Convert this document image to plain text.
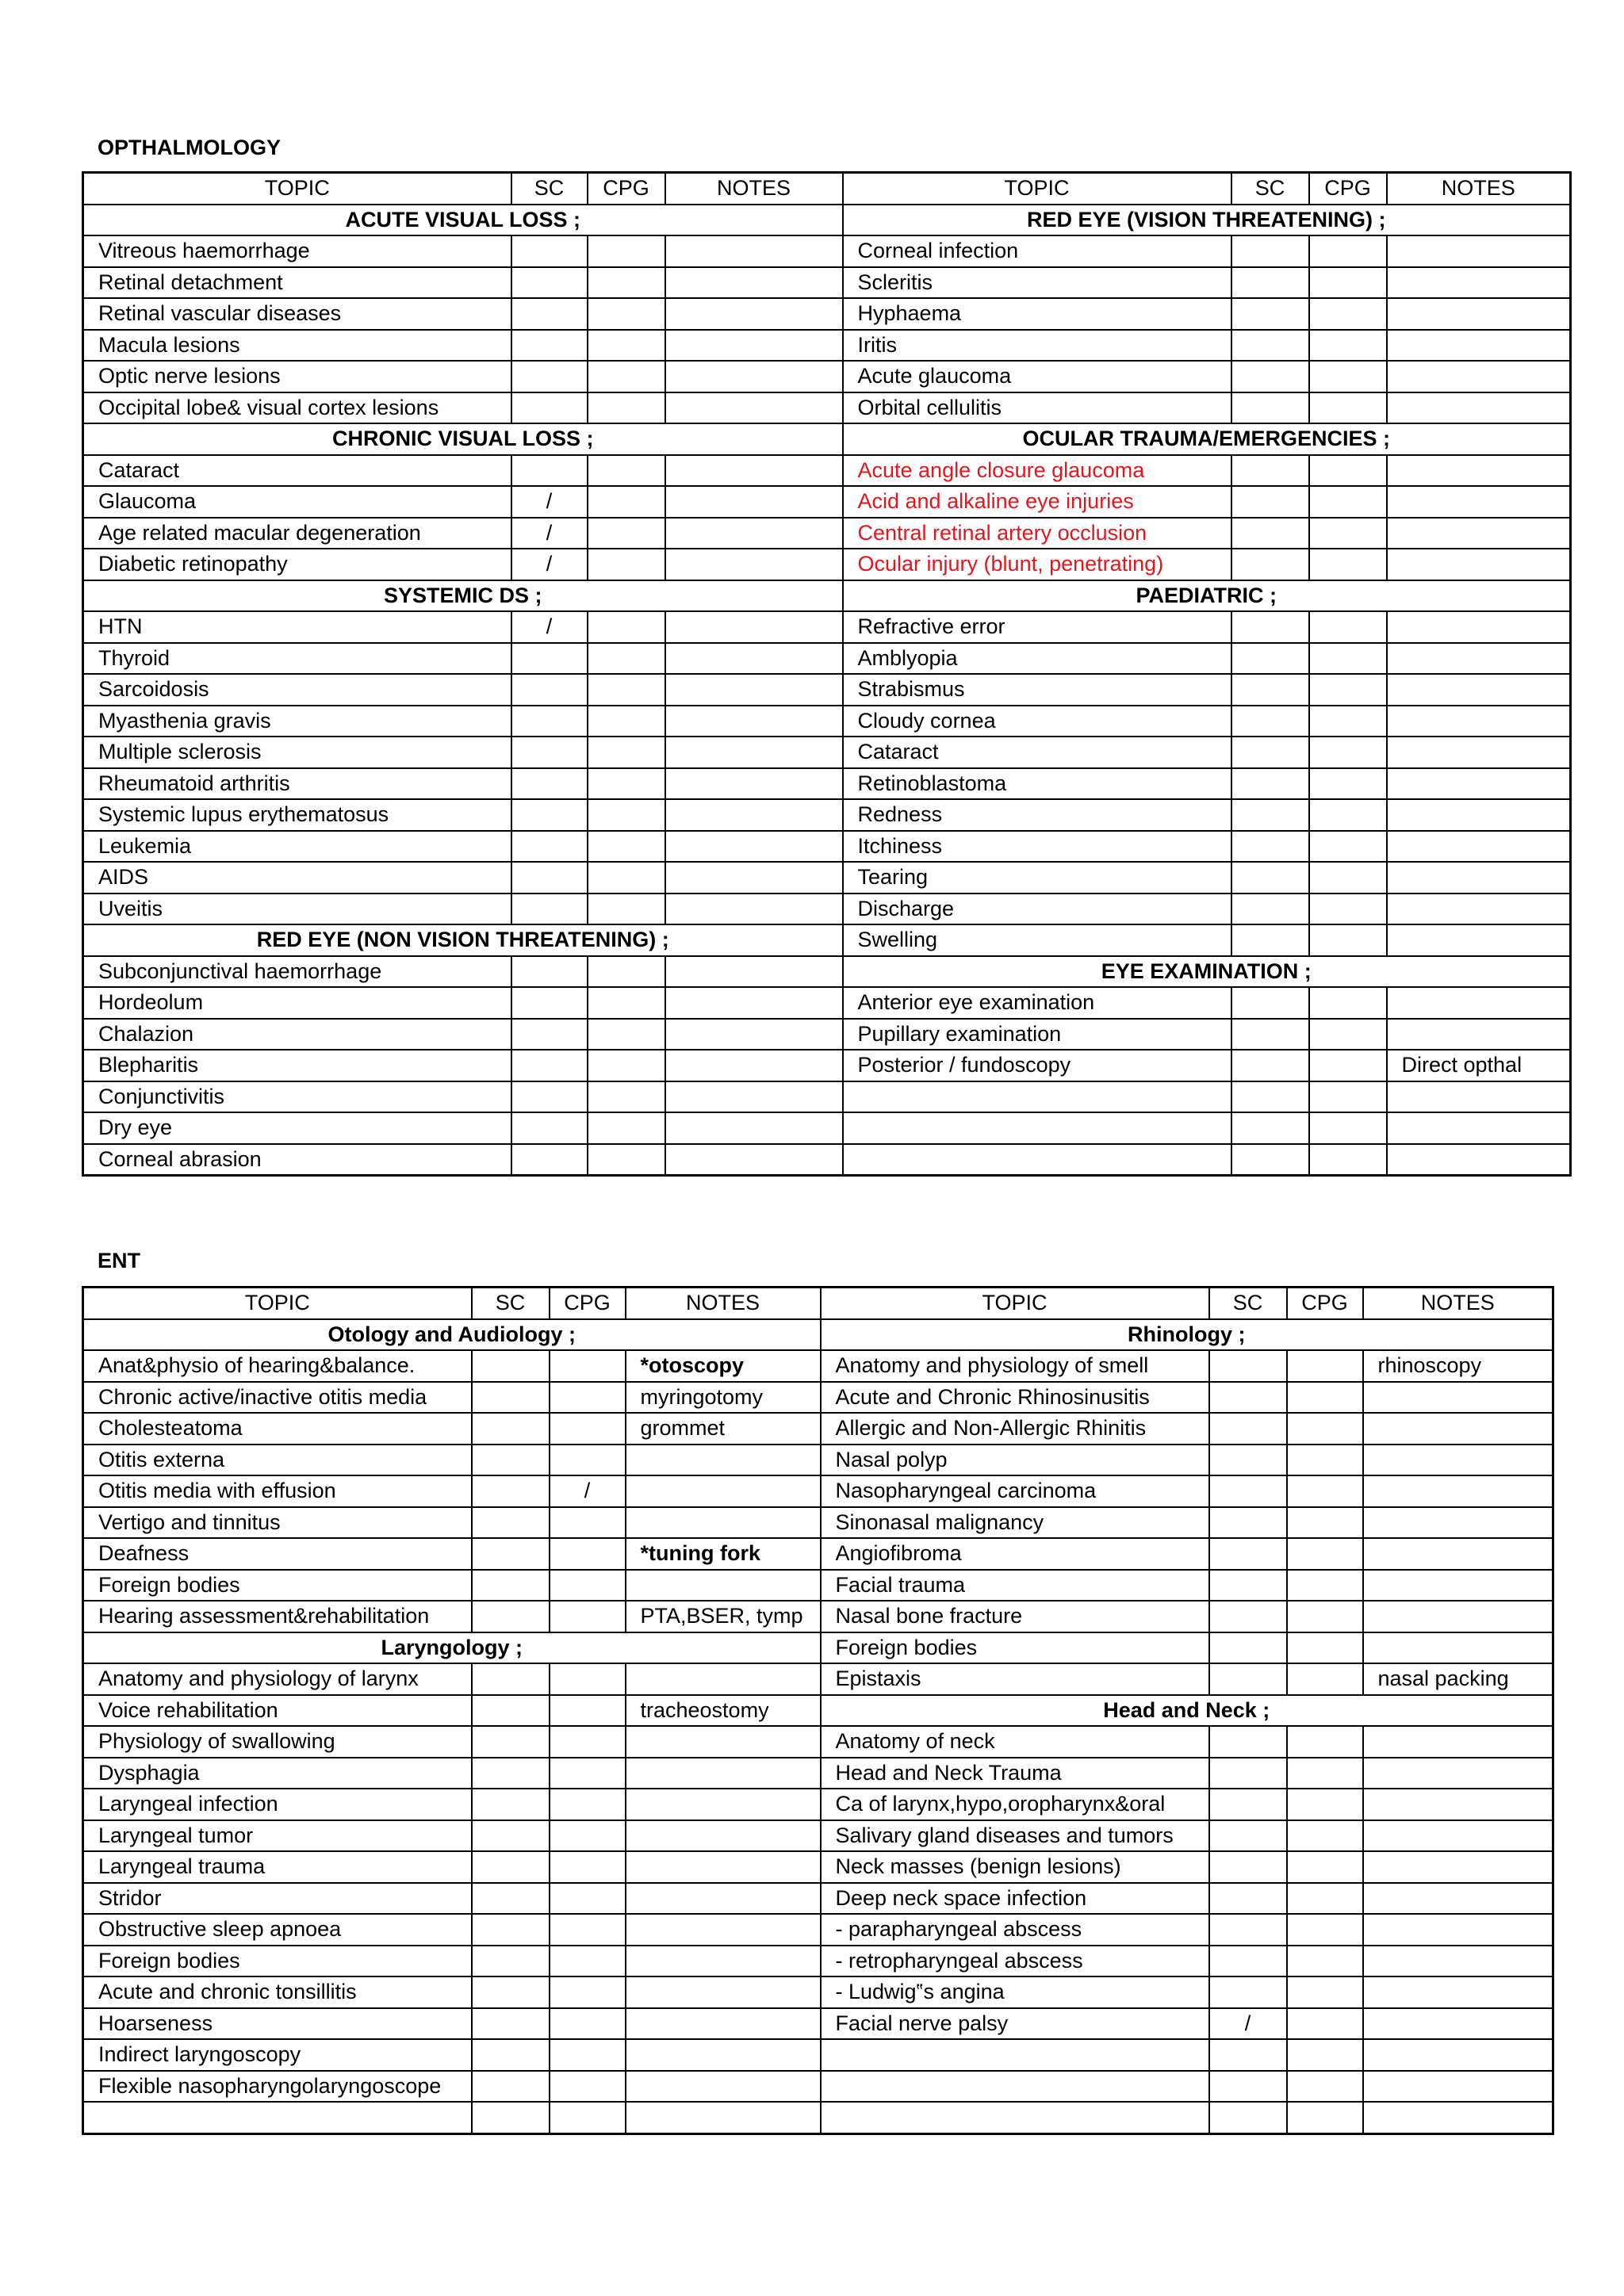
OPTHALMOLOGY
TOPIC	SC	CPG	NOTES	TOPIC	SC	CPG	NOTES
ACUTE VISUAL LOSS ;				RED EYE (VISION THREATENING) ;			
Vitreous haemorrhage				Corneal infection			
Retinal detachment				Scleritis			
Retinal vascular diseases				Hyphaema			
Macula lesions				Iritis			
Optic nerve lesions				Acute glaucoma			
Occipital lobe& visual cortex lesions				Orbital cellulitis			
CHRONIC VISUAL LOSS ;				OCULAR TRAUMA/EMERGENCIES ;			
Cataract				Acute angle closure glaucoma			
Glaucoma	/			Acid and alkaline eye injuries			
Age related macular degeneration	/			Central retinal artery occlusion			
Diabetic retinopathy	/			Ocular injury (blunt, penetrating)			
SYSTEMIC DS ;				PAEDIATRIC ;			
HTN	/			Refractive error			
Thyroid				Amblyopia			
Sarcoidosis				Strabismus			
Myasthenia gravis				Cloudy cornea			
Multiple sclerosis				Cataract			
Rheumatoid arthritis				Retinoblastoma			
Systemic lupus erythematosus				Redness			
Leukemia				Itchiness			
AIDS				Tearing			
Uveitis				Discharge			
RED EYE (NON VISION THREATENING) ;				Swelling			
Subconjunctival haemorrhage				EYE EXAMINATION ;			
Hordeolum				Anterior eye examination			
Chalazion				Pupillary examination			
Blepharitis				Posterior / fundoscopy			Direct opthal
Conjunctivitis							
Dry eye							
Corneal abrasion							
ENT
TOPIC	SC	CPG	NOTES	TOPIC	SC	CPG	NOTES
Otology and Audiology ;				Rhinology ;			
Anat&physio of hearing&balance.			*otoscopy	Anatomy and physiology of smell			rhinoscopy
Chronic active/inactive otitis media			myringotomy	Acute and Chronic Rhinosinusitis			
Cholesteatoma			grommet	Allergic and Non-Allergic Rhinitis			
Otitis externa				Nasal polyp			
Otitis media with effusion		/		Nasopharyngeal carcinoma			
Vertigo and tinnitus				Sinonasal malignancy			
Deafness			*tuning fork	Angiofibroma			
Foreign bodies				Facial trauma			
Hearing assessment&rehabilitation			PTA,BSER, tymp	Nasal bone fracture			
Laryngology ;				Foreign bodies			
Anatomy and physiology of larynx				Epistaxis			nasal packing
Voice rehabilitation			tracheostomy	Head and Neck ;			
Physiology of swallowing				Anatomy of neck			
Dysphagia				Head and Neck Trauma			
Laryngeal infection				Ca of larynx,hypo,oropharynx&oral			
Laryngeal tumor				Salivary gland diseases and tumors			
Laryngeal trauma				Neck masses (benign lesions)			
Stridor				Deep neck space infection			
Obstructive sleep apnoea				- parapharyngeal abscess			
Foreign bodies				- retropharyngeal abscess			
Acute and chronic tonsillitis				- Ludwig‟s angina			
Hoarseness				Facial nerve palsy	/		
Indirect laryngoscopy							
Flexible nasopharyngolaryngoscope							
